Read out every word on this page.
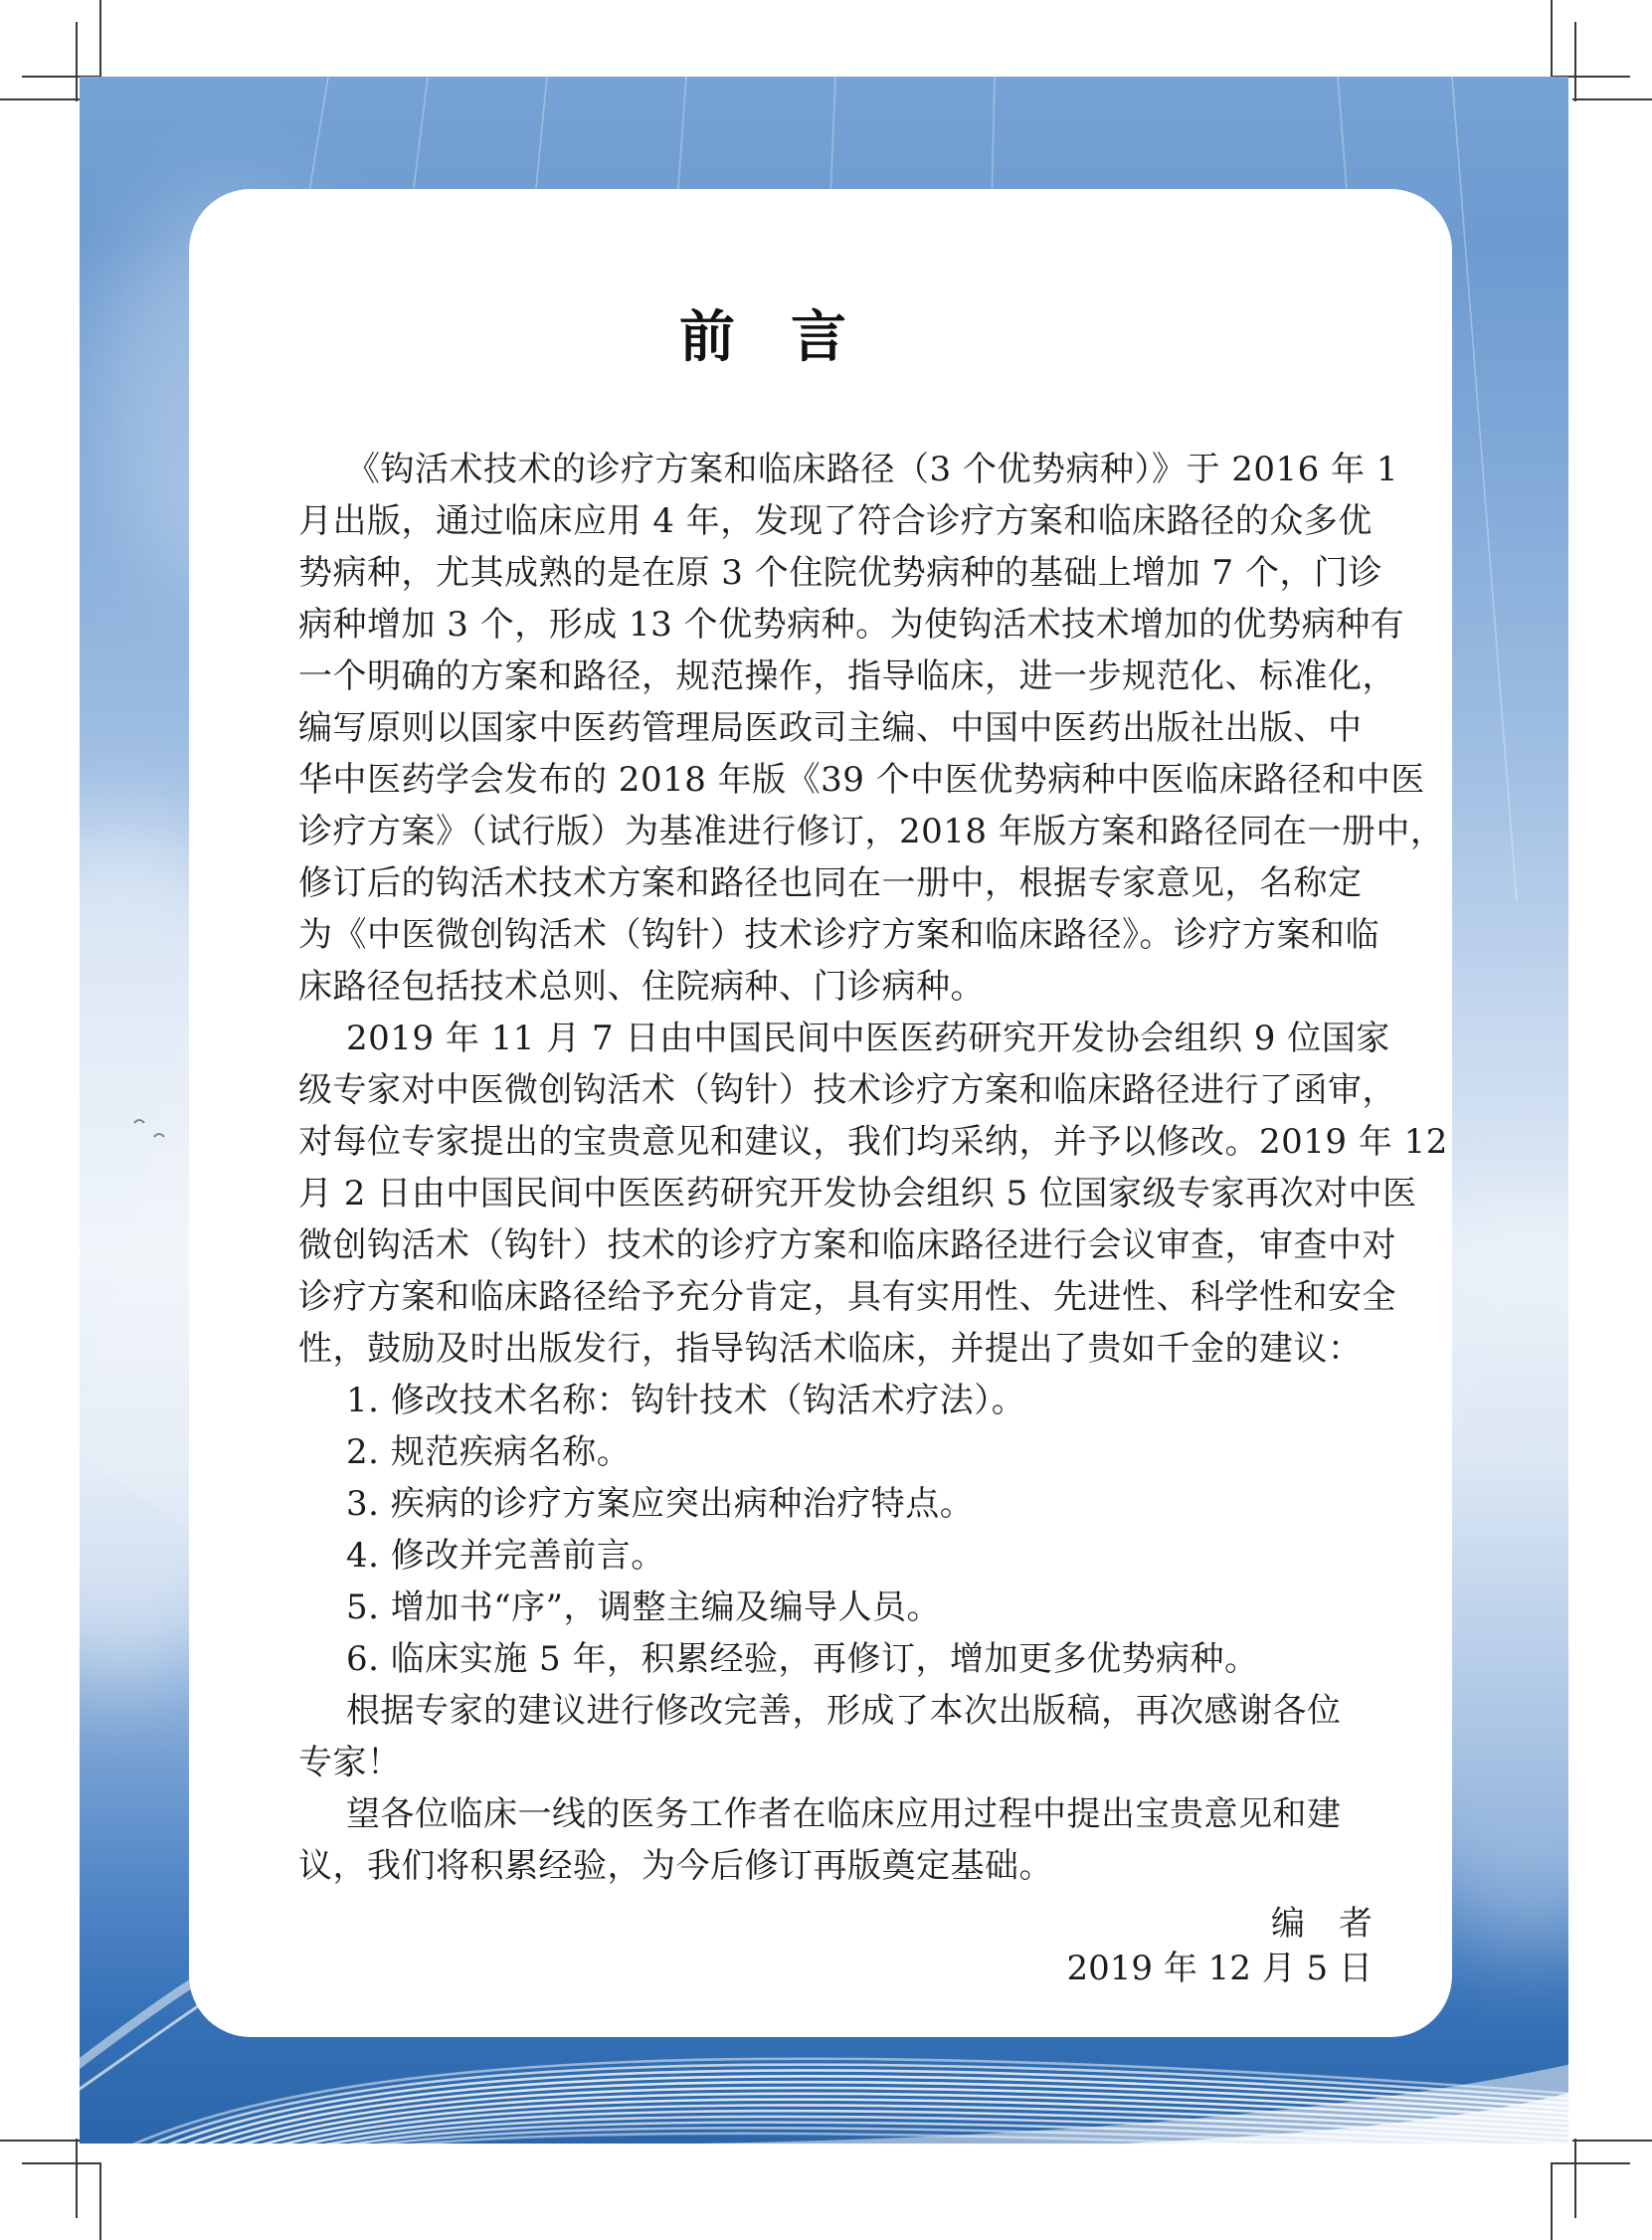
前　言
《钩活术技术的诊疗方案和临床路径（3 个优势病种）》于 2016 年 1
月出版，通过临床应用 4 年，发现了符合诊疗方案和临床路径的众多优
势病种，尤其成熟的是在原 3 个住院优势病种的基础上增加 7 个，门诊
病种增加 3 个，形成 13 个优势病种。为使钩活术技术增加的优势病种有
一个明确的方案和路径，规范操作，指导临床，进一步规范化、标准化，
编写原则以国家中医药管理局医政司主编、中国中医药出版社出版、中
华中医药学会发布的 2018 年版《39 个中医优势病种中医临床路径和中医
诊疗方案》（试行版）为基准进行修订，2018 年版方案和路径同在一册中，
修订后的钩活术技术方案和路径也同在一册中，根据专家意见，名称定
为《中医微创钩活术（钩针）技术诊疗方案和临床路径》。诊疗方案和临
床路径包括技术总则、住院病种、门诊病种。
2019 年 11 月 7 日由中国民间中医医药研究开发协会组织 9 位国家
级专家对中医微创钩活术（钩针）技术诊疗方案和临床路径进行了函审，
对每位专家提出的宝贵意见和建议，我们均采纳，并予以修改。2019 年 12
月 2 日由中国民间中医医药研究开发协会组织 5 位国家级专家再次对中医
微创钩活术（钩针）技术的诊疗方案和临床路径进行会议审查，审查中对
诊疗方案和临床路径给予充分肯定，具有实用性、先进性、科学性和安全
性，鼓励及时出版发行，指导钩活术临床，并提出了贵如千金的建议：
1. 修改技术名称：钩针技术（钩活术疗法）。
2. 规范疾病名称。
3. 疾病的诊疗方案应突出病种治疗特点。
4. 修改并完善前言。
5. 增加书“序”，调整主编及编导人员。
6. 临床实施 5 年，积累经验，再修订，增加更多优势病种。
根据专家的建议进行修改完善，形成了本次出版稿，再次感谢各位
专家！
望各位临床一线的医务工作者在临床应用过程中提出宝贵意见和建
议，我们将积累经验，为今后修订再版奠定基础。
编　者
2019 年 12 月 5 日
